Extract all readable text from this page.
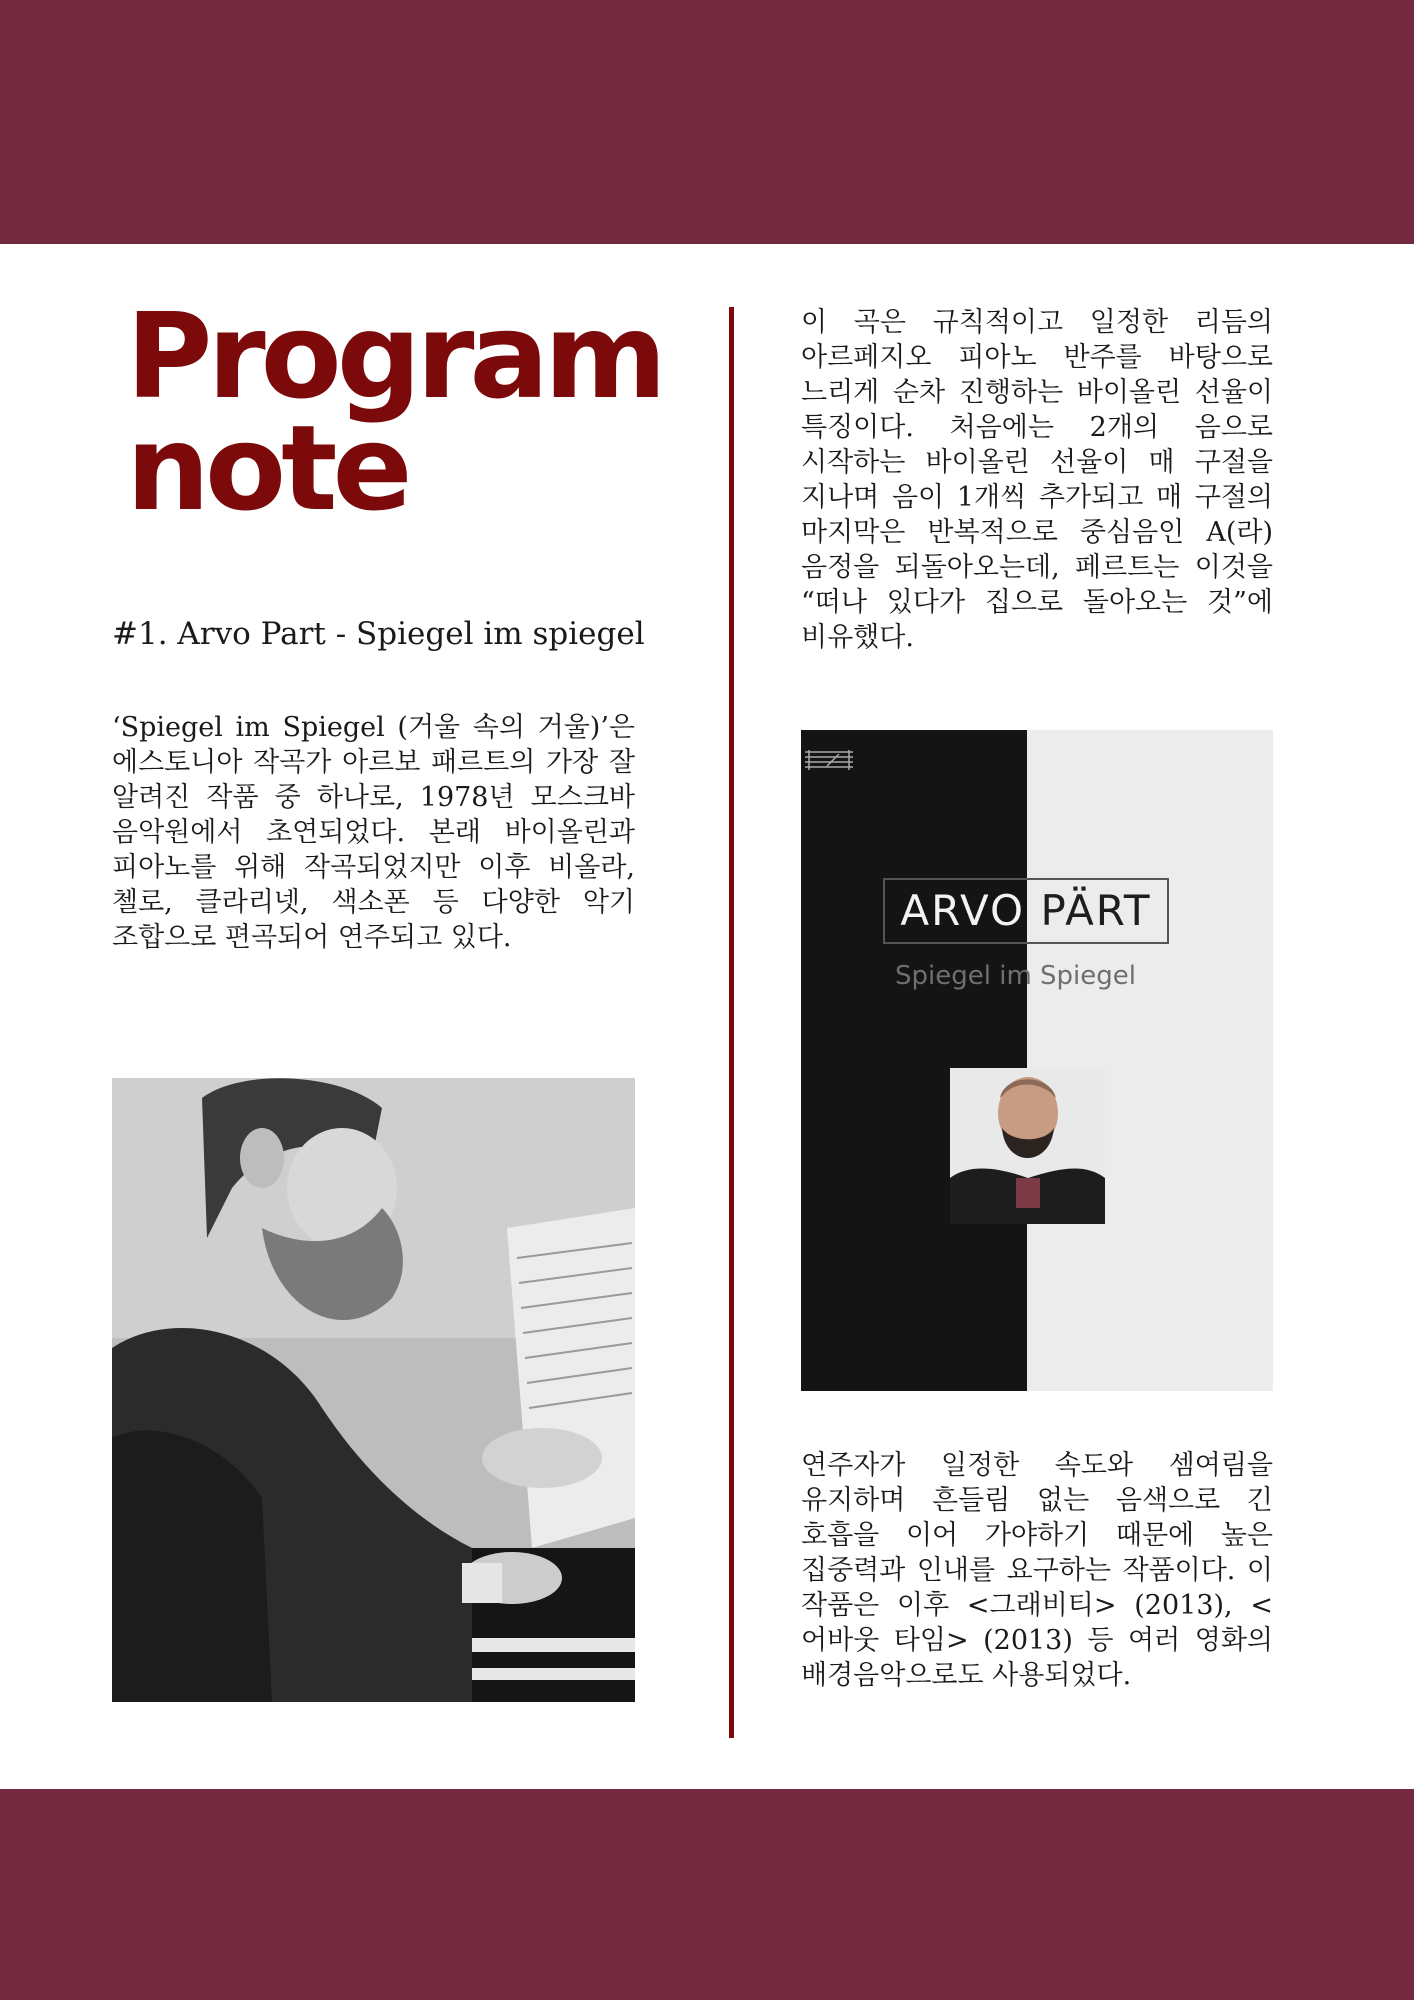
Program
note
#1. Arvo Part - Spiegel im spiegel

‘Spiegel im Spiegel (거울 속의 거울)’은 에스토니아 작곡가 아르보 패르트의 가장 잘 알려진 작품 중 하나로, 1978년 모스크바 음악원에서 초연되었다. 본래 바이올린과 피아노를 위해 작곡되었지만 이후 비올라, 첼로, 클라리넷, 색소폰 등 다양한 악기 조합으로 편곡되어 연주되고 있다.

이 곡은 규칙적이고 일정한 리듬의 아르페지오 피아노 반주를 바탕으로 느리게 순차 진행하는 바이올린 선율이 특징이다. 처음에는 2개의 음으로 시작하는 바이올린 선율이 매 구절을 지나며 음이 1개씩 추가되고 매 구절의 마지막은 반복적으로 중심음인 A(라) 음정을 되돌아오는데, 페르트는 이것을 “떠나 있다가 집으로 돌아오는 것”에 비유했다.

ARVO PÄRT
Spiegel im Spiegel

연주자가 일정한 속도와 셈여림을 유지하며 흔들림 없는 음색으로 긴 호흡을 이어 가야하기 때문에 높은 집중력과 인내를 요구하는 작품이다. 이 작품은 이후 <그래비티> (2013), <어바웃 타임> (2013) 등 여러 영화의 배경음악으로도 사용되었다.
